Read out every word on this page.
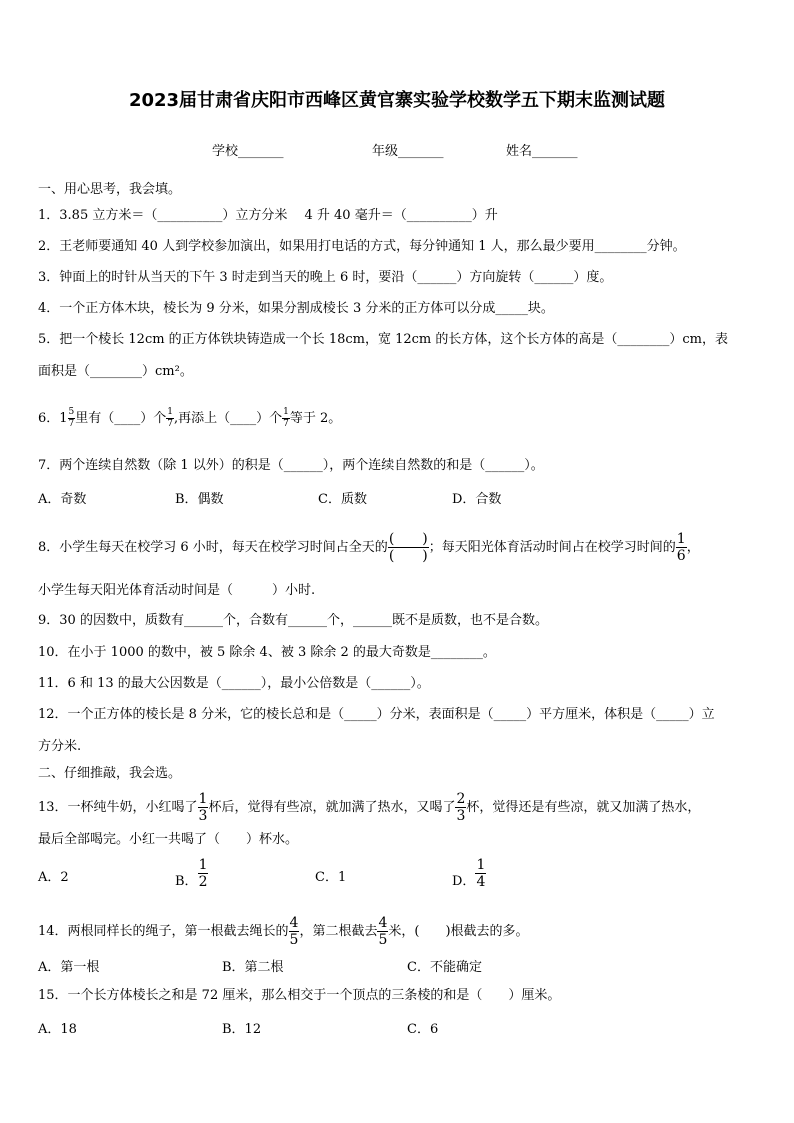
2023届甘肃省庆阳市西峰区黄官寨实验学校数学五下期末监测试题
学校_______	年级_______	姓名_______
一、用心思考，我会填。
1．3.85 立方米＝（__________）立方分米　 4 升 40 毫升＝（__________）升
2．王老师要通知 40 人到学校参加演出，如果用打电话的方式，每分钟通知 1 人，那么最少要用________分钟。
3．钟面上的时针从当天的下午 3 时走到当天的晚上 6 时，要沿（______）方向旋转（______）度。
4．一个正方体木块，棱长为 9 分米，如果分割成棱长 3 分米的正方体可以分成_____块。
5．把一个棱长 12cm 的正方体铁块铸造成一个长 18cm，宽 12cm 的长方体，这个长方体的高是（________）cm，表
面积是（________）cm²。
6．$1 \frac{5}{7}$ 里有（____）个 $\frac{1}{7}$ ,再添上（____）个 $\frac{1}{7}$ 等于 2。
7．两个连续自然数（除 1 以外）的积是（______），两个连续自然数的和是（______）。
A．奇数	B．偶数	C．质数	D．合数
8．小学生每天在校学习 6 小时，每天在校学习时间占全天的 $\frac{( )}{( )}$ ；每天阳光体育活动时间占在校学习时间的 $\frac{1}{6}$ ，
小学生每天阳光体育活动时间是（　　　）小时.
9．30 的因数中，质数有______个，合数有______个，______既不是质数，也不是合数。
10．在小于 1000 的数中，被 5 除余 4、被 3 除余 2 的最大奇数是________。
11．6 和 13 的最大公因数是（______），最小公倍数是（______）。
12．一个正方体的棱长是 8 分米，它的棱长总和是（_____）分米，表面积是（_____）平方厘米，体积是（_____）立
方分米.
二、仔细推敲，我会选。
13．一杯纯牛奶，小红喝了 $\frac{1}{3}$ 杯后，觉得有些凉，就加满了热水，又喝了 $\frac{2}{3}$ 杯，觉得还是有些凉，就又加满了热水，
最后全部喝完。小红一共喝了（　　）杯水。
A．2	B． $\frac{1}{2}$	C．1	D． $\frac{1}{4}$
14．两根同样长的绳子，第一根截去绳长的 $\frac{4}{5}$ ，第二根截去 $\frac{4}{5}$ 米，(　　)根截去的多。
A．第一根	B．第二根	C．不能确定
15．一个长方体棱长之和是 72 厘米，那么相交于一个顶点的三条棱的和是（　　）厘米。
A．18	B．12	C．6
